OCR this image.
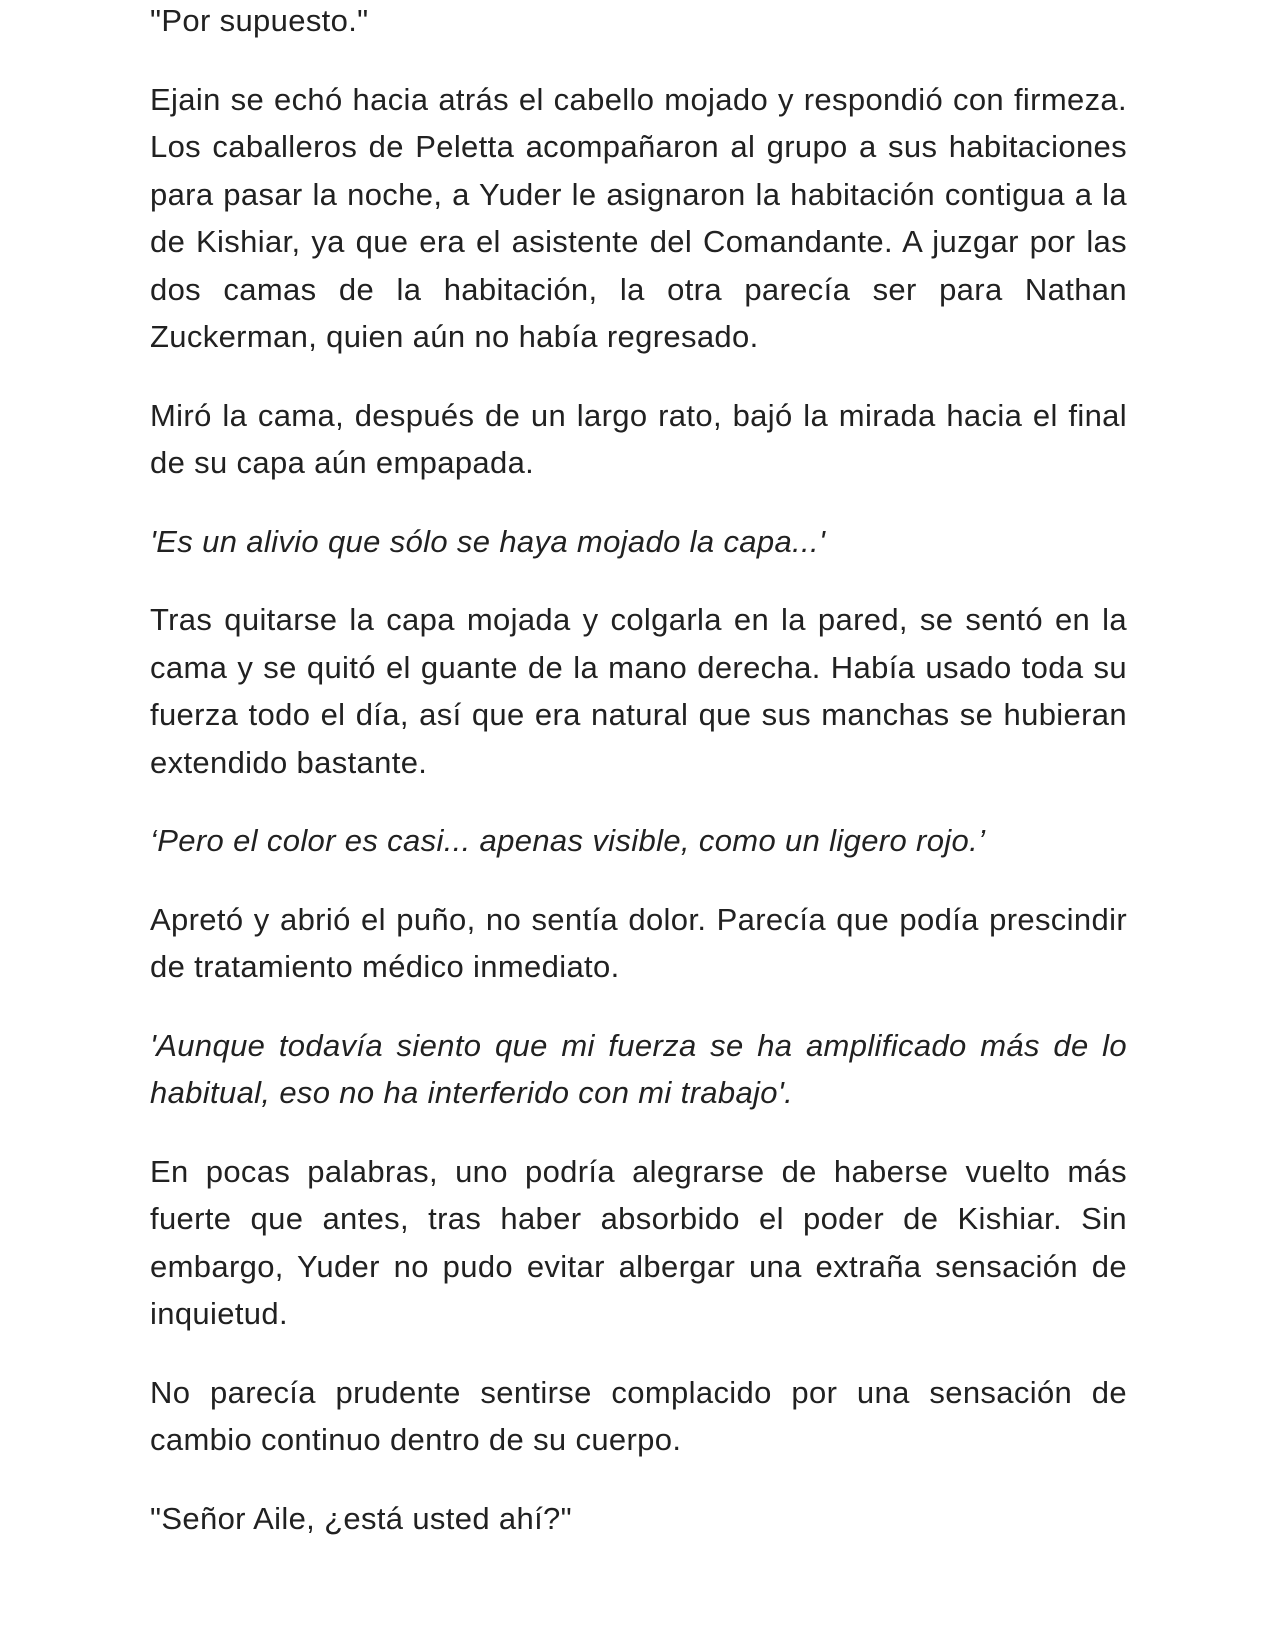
"Por supuesto."

Ejain se echó hacia atrás el cabello mojado y respondió con firmeza. Los caballeros de Peletta acompañaron al grupo a sus habitaciones para pasar la noche, a Yuder le asignaron la habitación contigua a la de Kishiar, ya que era el asistente del Comandante. A juzgar por las dos camas de la habitación, la otra parecía ser para Nathan Zuckerman, quien aún no había regresado.

Miró la cama, después de un largo rato, bajó la mirada hacia el final de su capa aún empapada.

'Es un alivio que sólo se haya mojado la capa...'

Tras quitarse la capa mojada y colgarla en la pared, se sentó en la cama y se quitó el guante de la mano derecha. Había usado toda su fuerza todo el día, así que era natural que sus manchas se hubieran extendido bastante.

‘Pero el color es casi... apenas visible, como un ligero rojo.’

Apretó y abrió el puño, no sentía dolor. Parecía que podía prescindir de tratamiento médico inmediato.

'Aunque todavía siento que mi fuerza se ha amplificado más de lo habitual, eso no ha interferido con mi trabajo'.

En pocas palabras, uno podría alegrarse de haberse vuelto más fuerte que antes, tras haber absorbido el poder de Kishiar. Sin embargo, Yuder no pudo evitar albergar una extraña sensación de inquietud.

No parecía prudente sentirse complacido por una sensación de cambio continuo dentro de su cuerpo.

"Señor Aile, ¿está usted ahí?"
